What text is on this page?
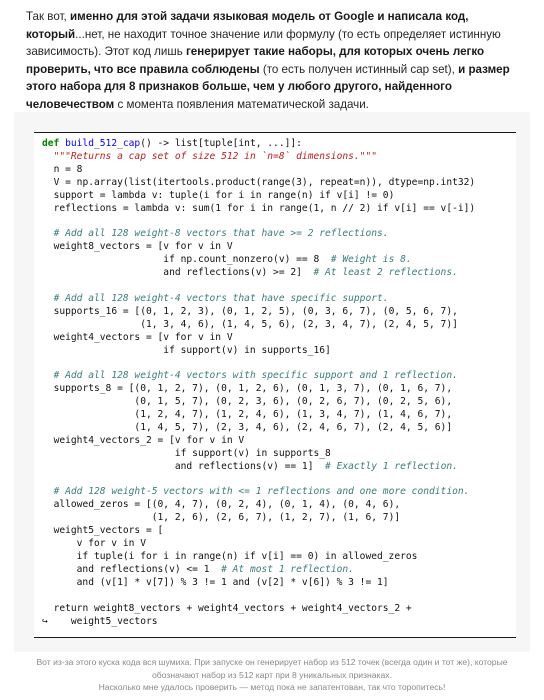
Так вот, именно для этой задачи языковая модель от Google и написала код, который...нет, не находит точное значение или формулу (то есть определяет истинную зависимость). Этот код лишь генерирует такие наборы, для которых очень легко проверить, что все правила соблюдены (то есть получен истинный cap set), и размер этого набора для 8 признаков больше, чем у любого другого, найденного человечеством с момента появления математической задачи.

def build_512_cap() -> list[tuple[int, ...]]:
"""Returns a cap set of size 512 in `n=8` dimensions."""
n = 8
V = np.array(list(itertools.product(range(3), repeat=n)), dtype=np.int32)
support = lambda v: tuple(i for i in range(n) if v[i] != 0)
reflections = lambda v: sum(1 for i in range(1, n // 2) if v[i] == v[-i])

# Add all 128 weight-8 vectors that have >= 2 reflections.
weight8_vectors = [v for v in V
if np.count_nonzero(v) == 8 # Weight is 8.
and reflections(v) >= 2] # At least 2 reflections.

# Add all 128 weight-4 vectors that have specific support.
supports_16 = [(0, 1, 2, 3), (0, 1, 2, 5), (0, 3, 6, 7), (0, 5, 6, 7),
(1, 3, 4, 6), (1, 4, 5, 6), (2, 3, 4, 7), (2, 4, 5, 7)]
weight4_vectors = [v for v in V
if support(v) in supports_16]

# Add all 128 weight-4 vectors with specific support and 1 reflection.
supports_8 = [(0, 1, 2, 7), (0, 1, 2, 6), (0, 1, 3, 7), (0, 1, 6, 7),
(0, 1, 5, 7), (0, 2, 3, 6), (0, 2, 6, 7), (0, 2, 5, 6),
(1, 2, 4, 7), (1, 2, 4, 6), (1, 3, 4, 7), (1, 4, 6, 7),
(1, 4, 5, 7), (2, 3, 4, 6), (2, 4, 6, 7), (2, 4, 5, 6)]
weight4_vectors_2 = [v for v in V
if support(v) in supports_8
and reflections(v) == 1] # Exactly 1 reflection.

# Add 128 weight-5 vectors with <= 1 reflections and one more condition.
allowed_zeros = [(0, 4, 7), (0, 2, 4), (0, 1, 4), (0, 4, 6),
(1, 2, 6), (2, 6, 7), (1, 2, 7), (1, 6, 7)]
weight5_vectors = [
v for v in V
if tuple(i for i in range(n) if v[i] == 0) in allowed_zeros
and reflections(v) <= 1 # At most 1 reflection.
and (v[1] * v[7]) % 3 != 1 and (v[2] * v[6]) % 3 != 1]

return weight8_vectors + weight4_vectors + weight4_vectors_2 +
↪ weight5_vectors
Вот из-за этого куска кода вся шумиха. При запуске он генерирует набор из 512 точек (всегда один и тот же), которые
обозначают набор из 512 карт при 8 уникальных признаках.
Насколько мне удалось проверить — метод пока не запатентован, так что торопитесь!
